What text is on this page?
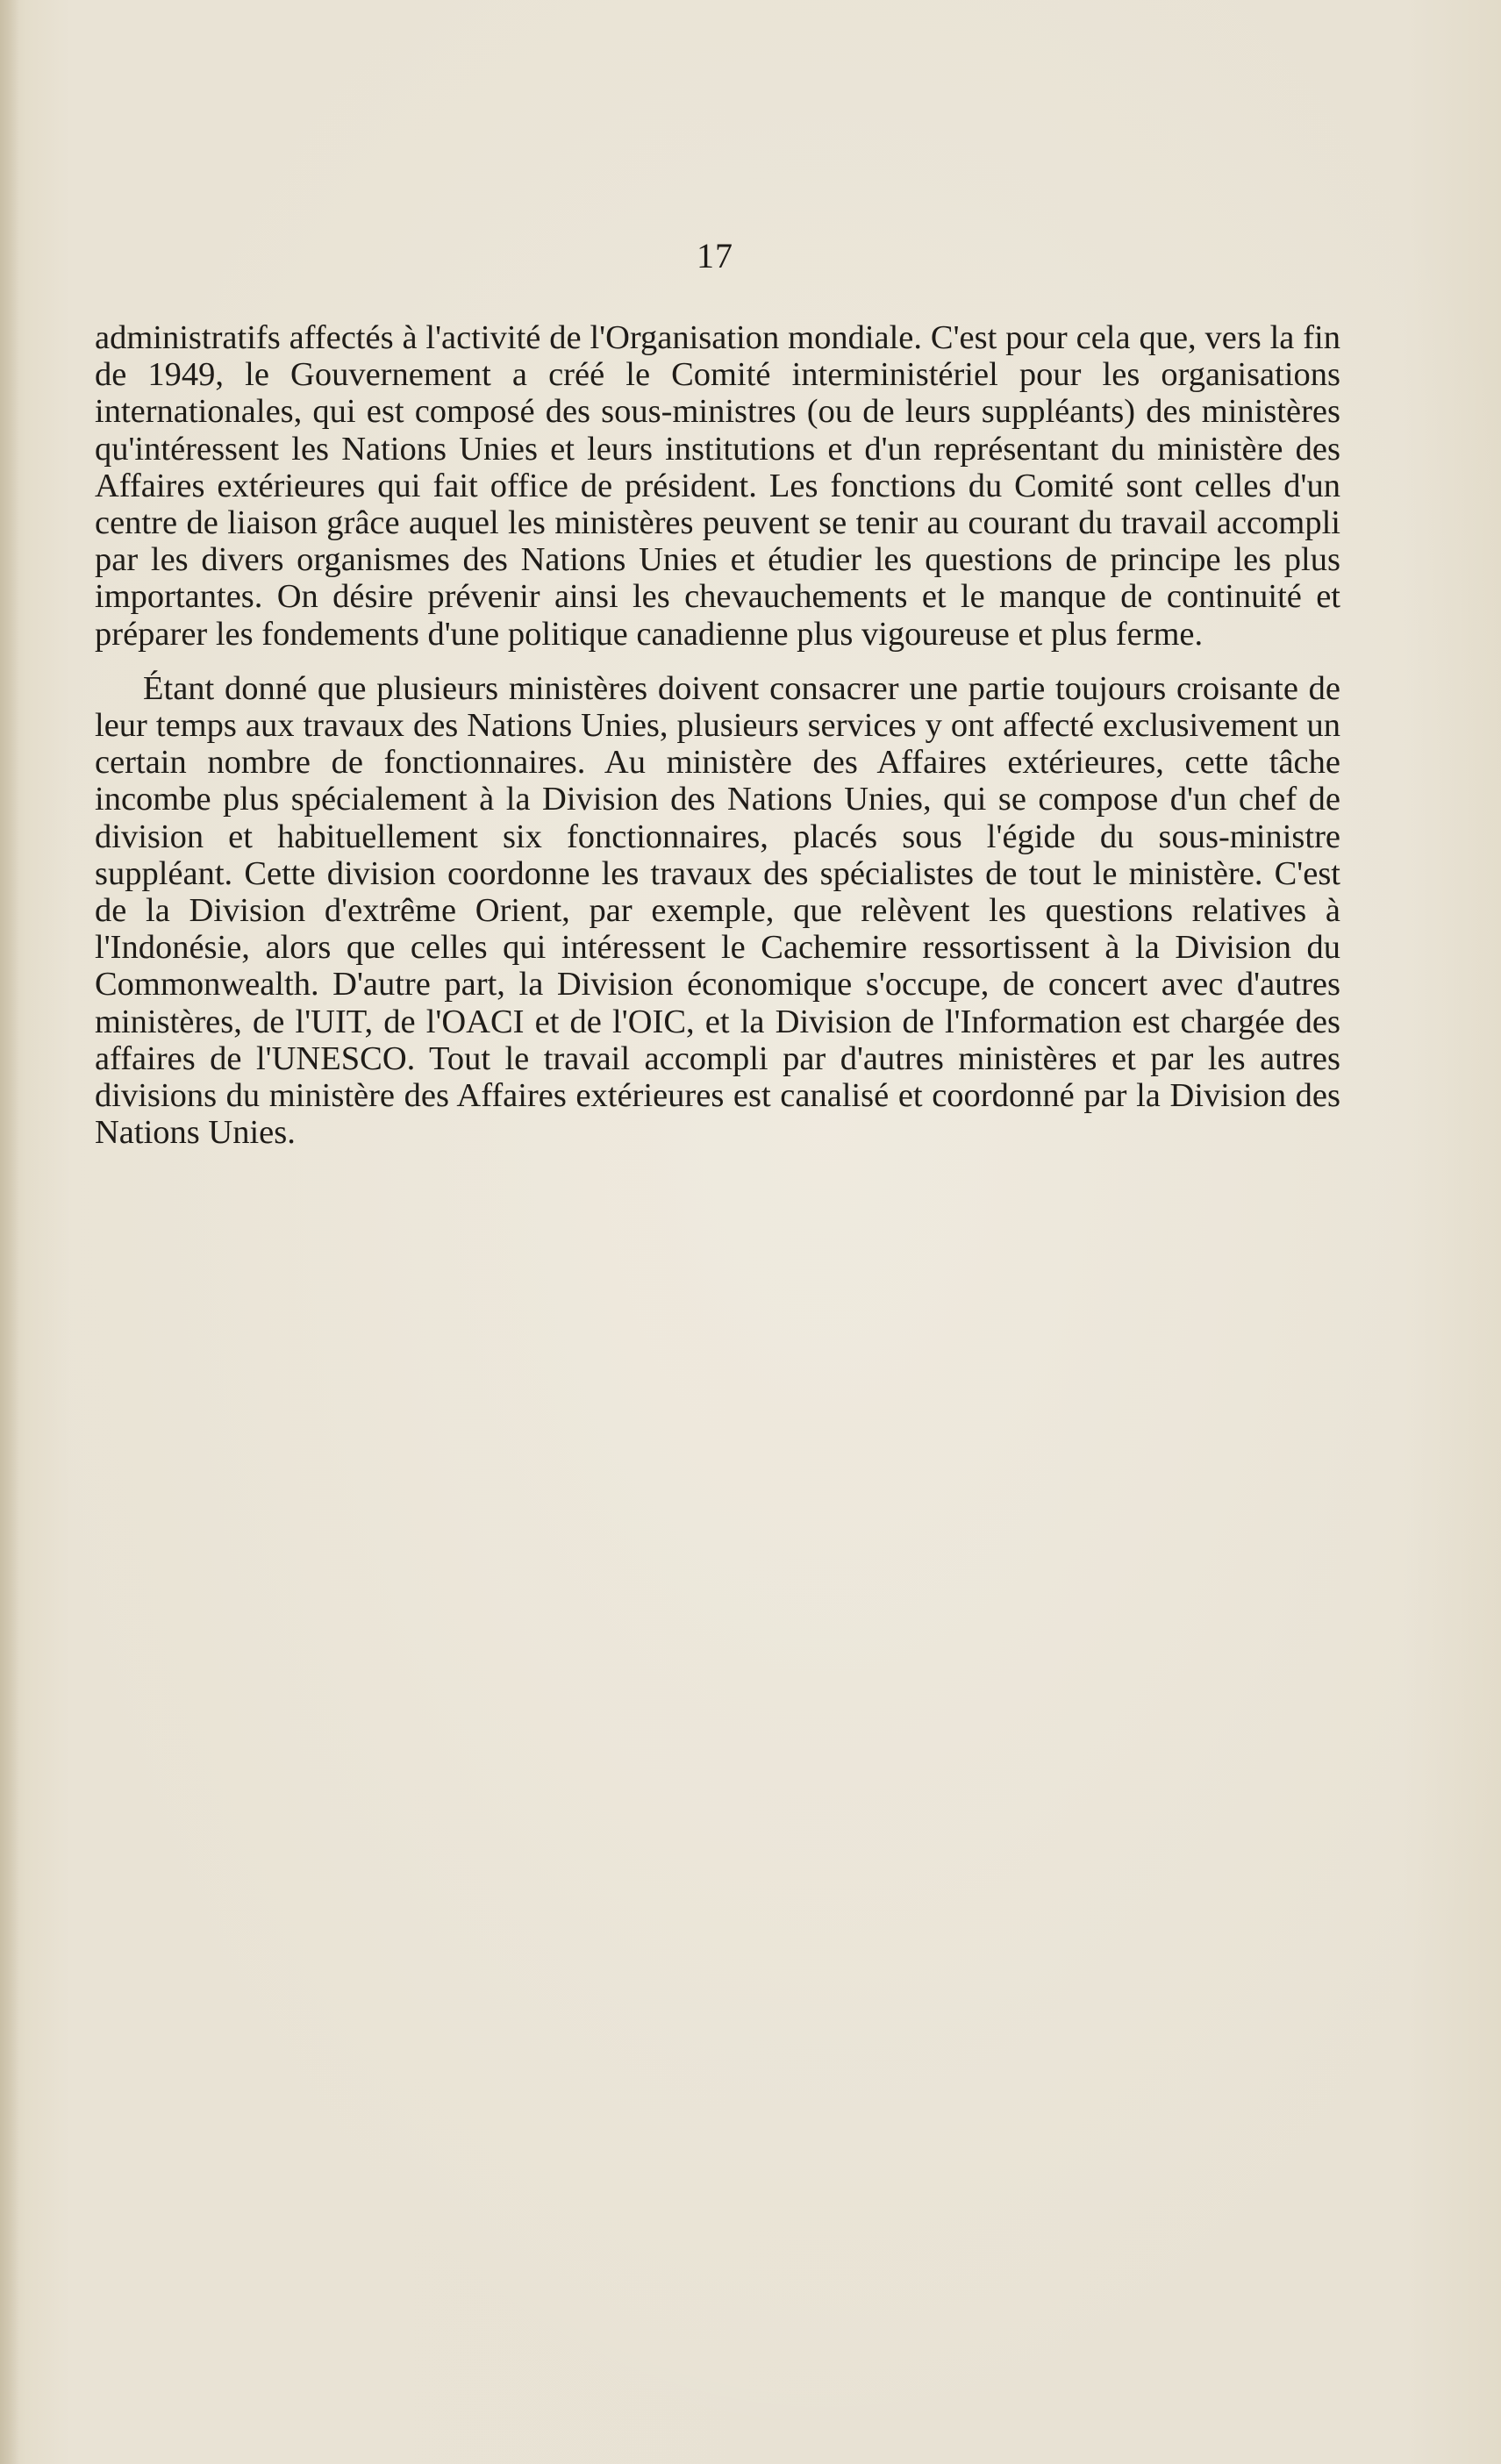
17

administratifs affectés à l'activité de l'Organisation mondiale. C'est pour cela que, vers la fin de 1949, le Gouvernement a créé le Comité interministériel pour les organisations internationales, qui est composé des sous-ministres (ou de leurs suppléants) des ministères qu'intéressent les Nations Unies et leurs institutions et d'un représentant du ministère des Affaires extérieures qui fait office de président. Les fonctions du Comité sont celles d'un centre de liaison grâce auquel les ministères peuvent se tenir au courant du travail accompli par les divers organismes des Nations Unies et étudier les questions de principe les plus importantes. On désire prévenir ainsi les chevauchements et le manque de continuité et préparer les fondements d'une politique canadienne plus vigoureuse et plus ferme.

Étant donné que plusieurs ministères doivent consacrer une partie toujours croisante de leur temps aux travaux des Nations Unies, plusieurs services y ont affecté exclusivement un certain nombre de fonctionnaires. Au ministère des Affaires extérieures, cette tâche incombe plus spécialement à la Division des Nations Unies, qui se compose d'un chef de division et habituellement six fonctionnaires, placés sous l'égide du sous-ministre suppléant. Cette division coordonne les travaux des spécialistes de tout le ministère. C'est de la Division d'extrême Orient, par exemple, que relèvent les questions relatives à l'Indonésie, alors que celles qui intéressent le Cachemire ressortissent à la Division du Commonwealth. D'autre part, la Division économique s'occupe, de concert avec d'autres ministères, de l'UIT, de l'OACI et de l'OIC, et la Division de l'Information est chargée des affaires de l'UNESCO. Tout le travail accompli par d'autres ministères et par les autres divisions du ministère des Affaires extérieures est canalisé et coordonné par la Division des Nations Unies.
